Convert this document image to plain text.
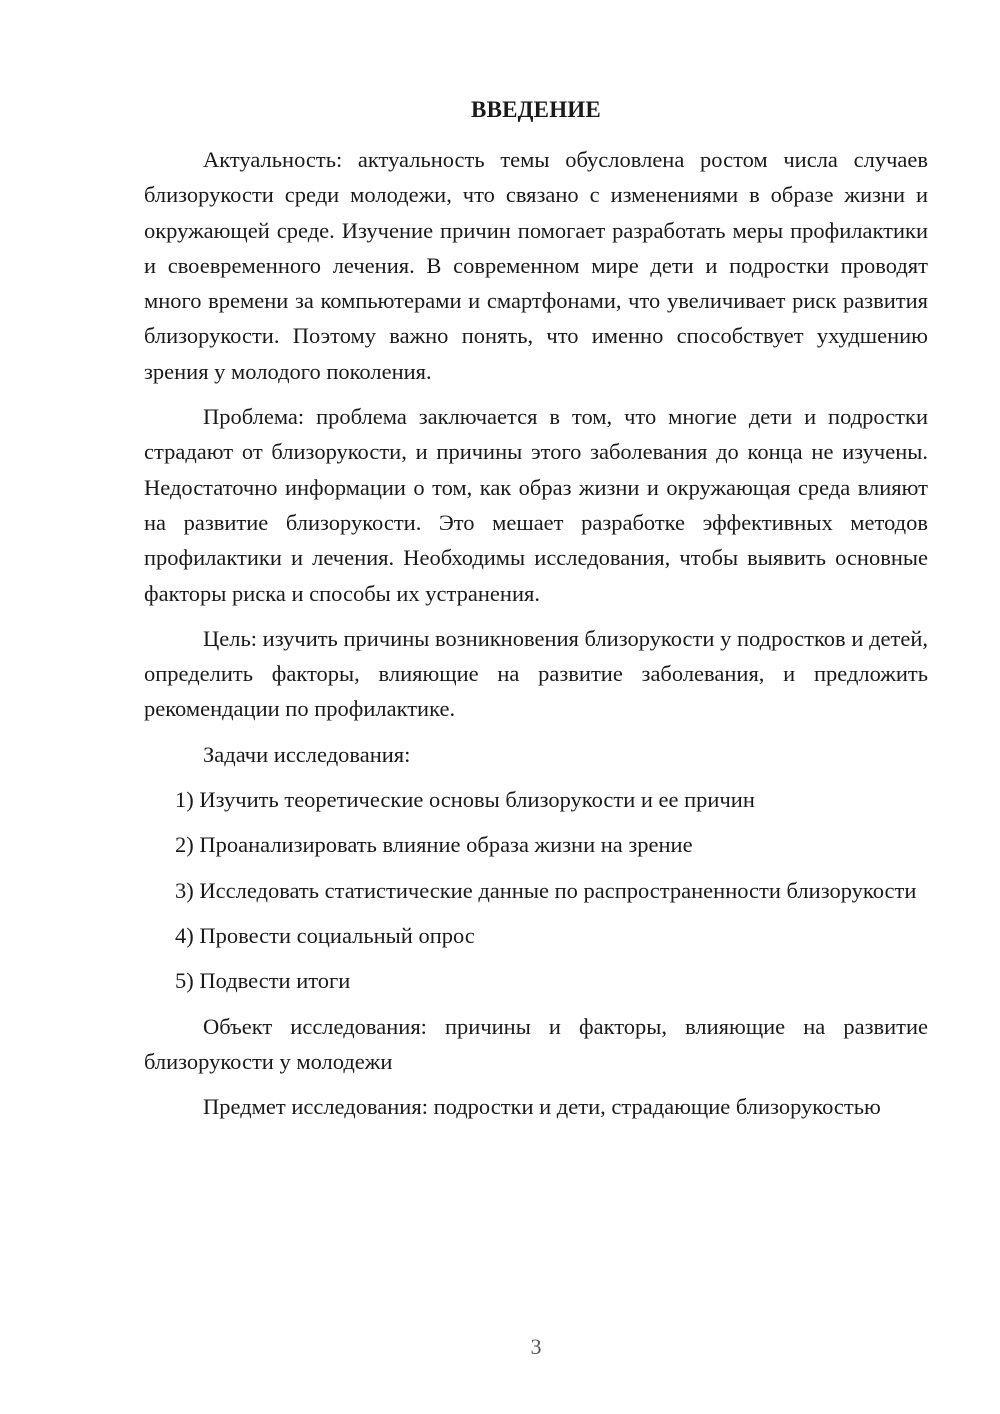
ВВЕДЕНИЕ

Актуальность: актуальность темы обусловлена ростом числа случаев близорукости среди молодежи, что связано с изменениями в образе жизни и окружающей среде. Изучение причин помогает разработать меры профилактики и своевременного лечения. В современном мире дети и подростки проводят много времени за компьютерами и смартфонами, что увеличивает риск развития близорукости. Поэтому важно понять, что именно способствует ухудшению зрения у молодого поколения.

Проблема: проблема заключается в том, что многие дети и подростки страдают от близорукости, и причины этого заболевания до конца не изучены. Недостаточно информации о том, как образ жизни и окружающая среда влияют на развитие близорукости. Это мешает разработке эффективных методов профилактики и лечения. Необходимы исследования, чтобы выявить основные факторы риска и способы их устранения.

Цель: изучить причины возникновения близорукости у подростков и детей, определить факторы, влияющие на развитие заболевания, и предложить рекомендации по профилактике.

Задачи исследования:

1) Изучить теоретические основы близорукости и ее причин

2) Проанализировать влияние образа жизни на зрение

3) Исследовать статистические данные по распространенности близорукости

4) Провести социальный опрос

5) Подвести итоги

Объект исследования: причины и факторы, влияющие на развитие близорукости у молодежи

Предмет исследования: подростки и дети, страдающие близорукостью

3
